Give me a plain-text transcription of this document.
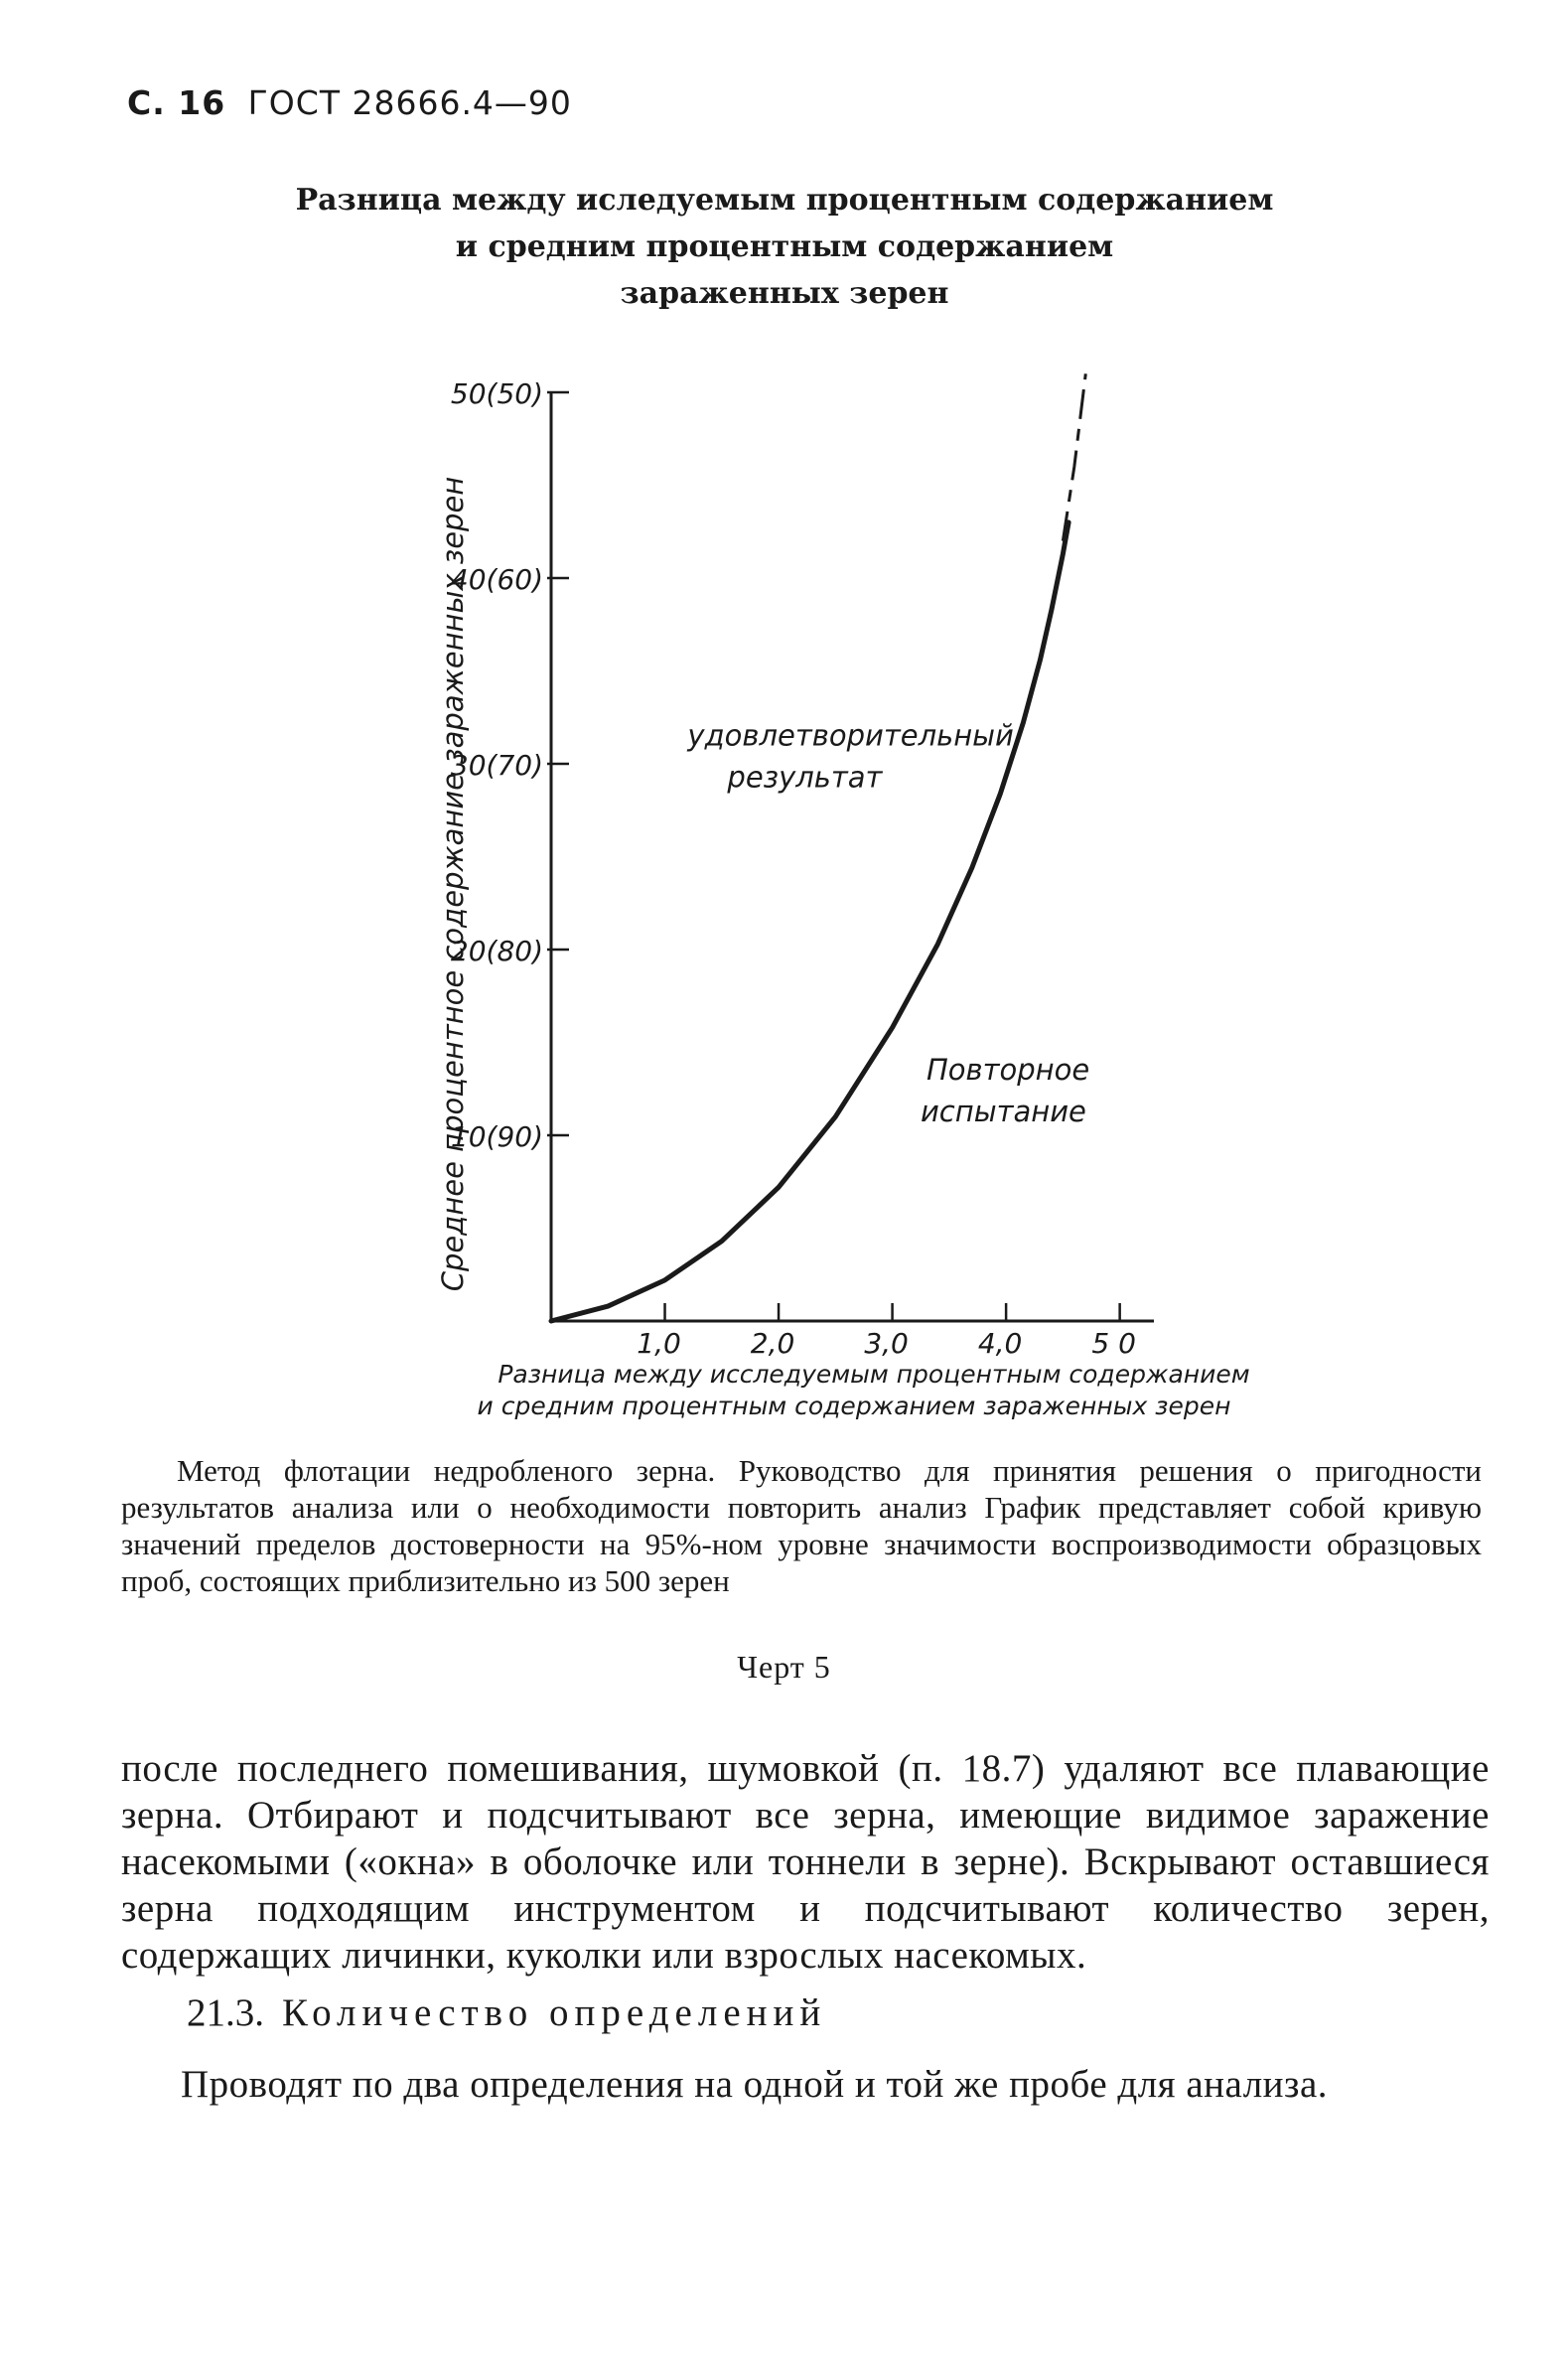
С. 16 ГОСТ 28666.4—90
Разница между иследуемым процентным содержанием
и средним процентным содержанием
зараженных зерен
10(90)
20(80)
30(70)
40(60)
50(50)
1,0 2,0 3,0 4,0 5 0
удовлетворительный
результат
Повторное
испытание
Разница между исследуемым процентным содержанием и средним процентным содержанием зараженных зерен
Среднее процентное содержание зараженных зерен
Метод флотации недробленого зерна. Руководство для принятия решения о пригодности результатов анализа или о необходимости повторить анализ График представляет собой кривую значений пределов достоверности на 95%-ном уровне значимости воспроизводимости образцовых проб, состоящих приблизительно из 500 зерен
Черт 5
после последнего помешивания, шумовкой (п. 18.7) удаляют все плавающие зерна. Отбирают и подсчитывают все зерна, имеющие видимое заражение насекомыми («окна» в оболочке или тоннели в зерне). Вскрывают оставшиеся зерна подходящим инструментом и подсчитывают количество зерен, содержащих личинки, куколки или взрослых насекомых.
21.3. Количество определений
Проводят по два определения на одной и той же пробе для анализа.
